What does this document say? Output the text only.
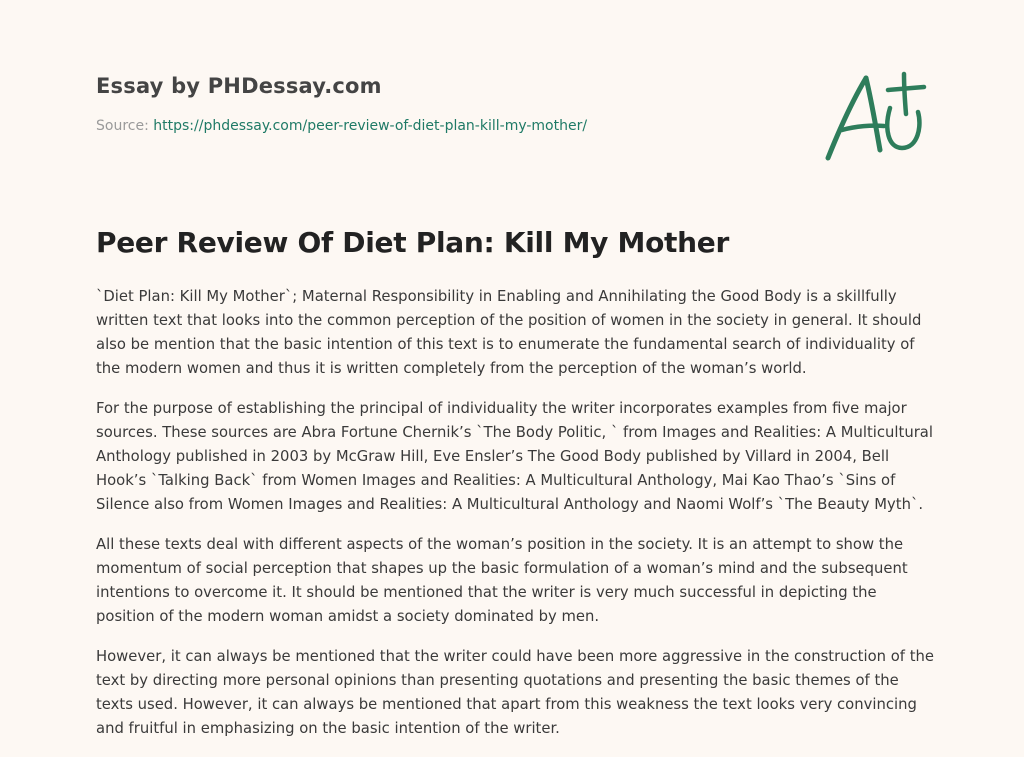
Essay by PHDessay.com
Source: https://phdessay.com/peer-review-of-diet-plan-kill-my-mother/
Peer Review Of Diet Plan: Kill My Mother

`Diet Plan: Kill My Mother`; Maternal Responsibility in Enabling and Annihilating the Good Body is a skillfully written text that looks into the common perception of the position of women in the society in general. It should also be mention that the basic intention of this text is to enumerate the fundamental search of individuality of the modern women and thus it is written completely from the perception of the woman’s world.

For the purpose of establishing the principal of individuality the writer incorporates examples from five major sources. These sources are Abra Fortune Chernik’s `The Body Politic, ` from Images and Realities: A Multicultural Anthology published in 2003 by McGraw Hill, Eve Ensler’s The Good Body published by Villard in 2004, Bell Hook’s `Talking Back` from Women Images and Realities: A Multicultural Anthology, Mai Kao Thao’s `Sins of Silence also from Women Images and Realities: A Multicultural Anthology and Naomi Wolf’s `The Beauty Myth`.

All these texts deal with different aspects of the woman’s position in the society. It is an attempt to show the momentum of social perception that shapes up the basic formulation of a woman’s mind and the subsequent intentions to overcome it. It should be mentioned that the writer is very much successful in depicting the position of the modern woman amidst a society dominated by men.

However, it can always be mentioned that the writer could have been more aggressive in the construction of the text by directing more personal opinions than presenting quotations and presenting the basic themes of the texts used. However, it can always be mentioned that apart from this weakness the text looks very convincing and fruitful in emphasizing on the basic intention of the writer.
